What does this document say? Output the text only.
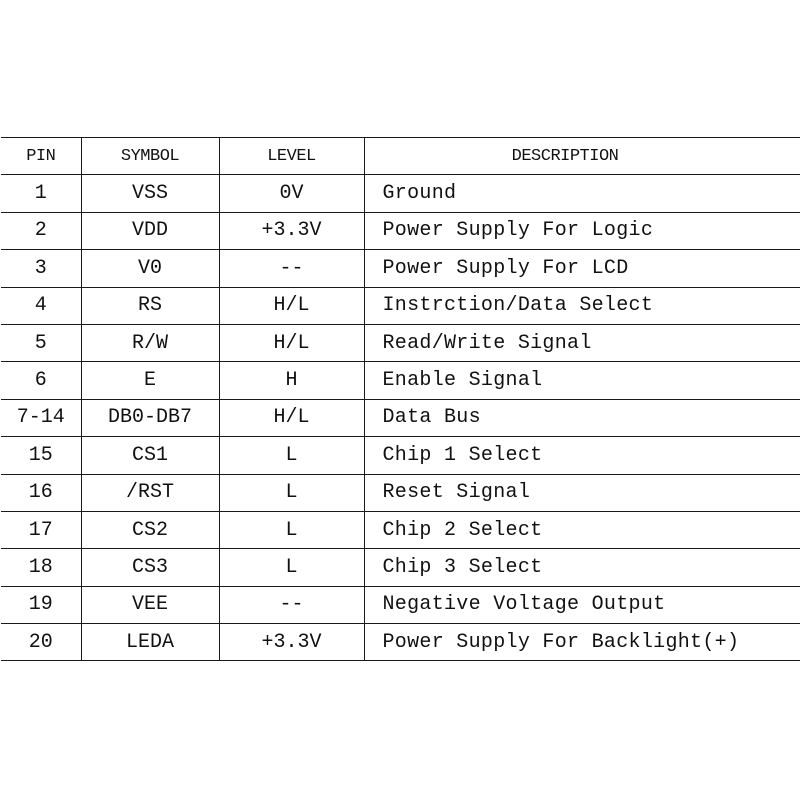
PIN	SYMBOL	LEVEL	DESCRIPTION
1	VSS	0V	Ground
2	VDD	+3.3V	Power Supply For Logic
3	V0	--	Power Supply For LCD
4	RS	H/L	Instrction/Data Select
5	R/W	H/L	Read/Write Signal
6	E	H	Enable Signal
7-14	DB0-DB7	H/L	Data Bus
15	CS1	L	Chip 1 Select
16	/RST	L	Reset Signal
17	CS2	L	Chip 2 Select
18	CS3	L	Chip 3 Select
19	VEE	--	Negative Voltage Output
20	LEDA	+3.3V	Power Supply For Backlight(+)
